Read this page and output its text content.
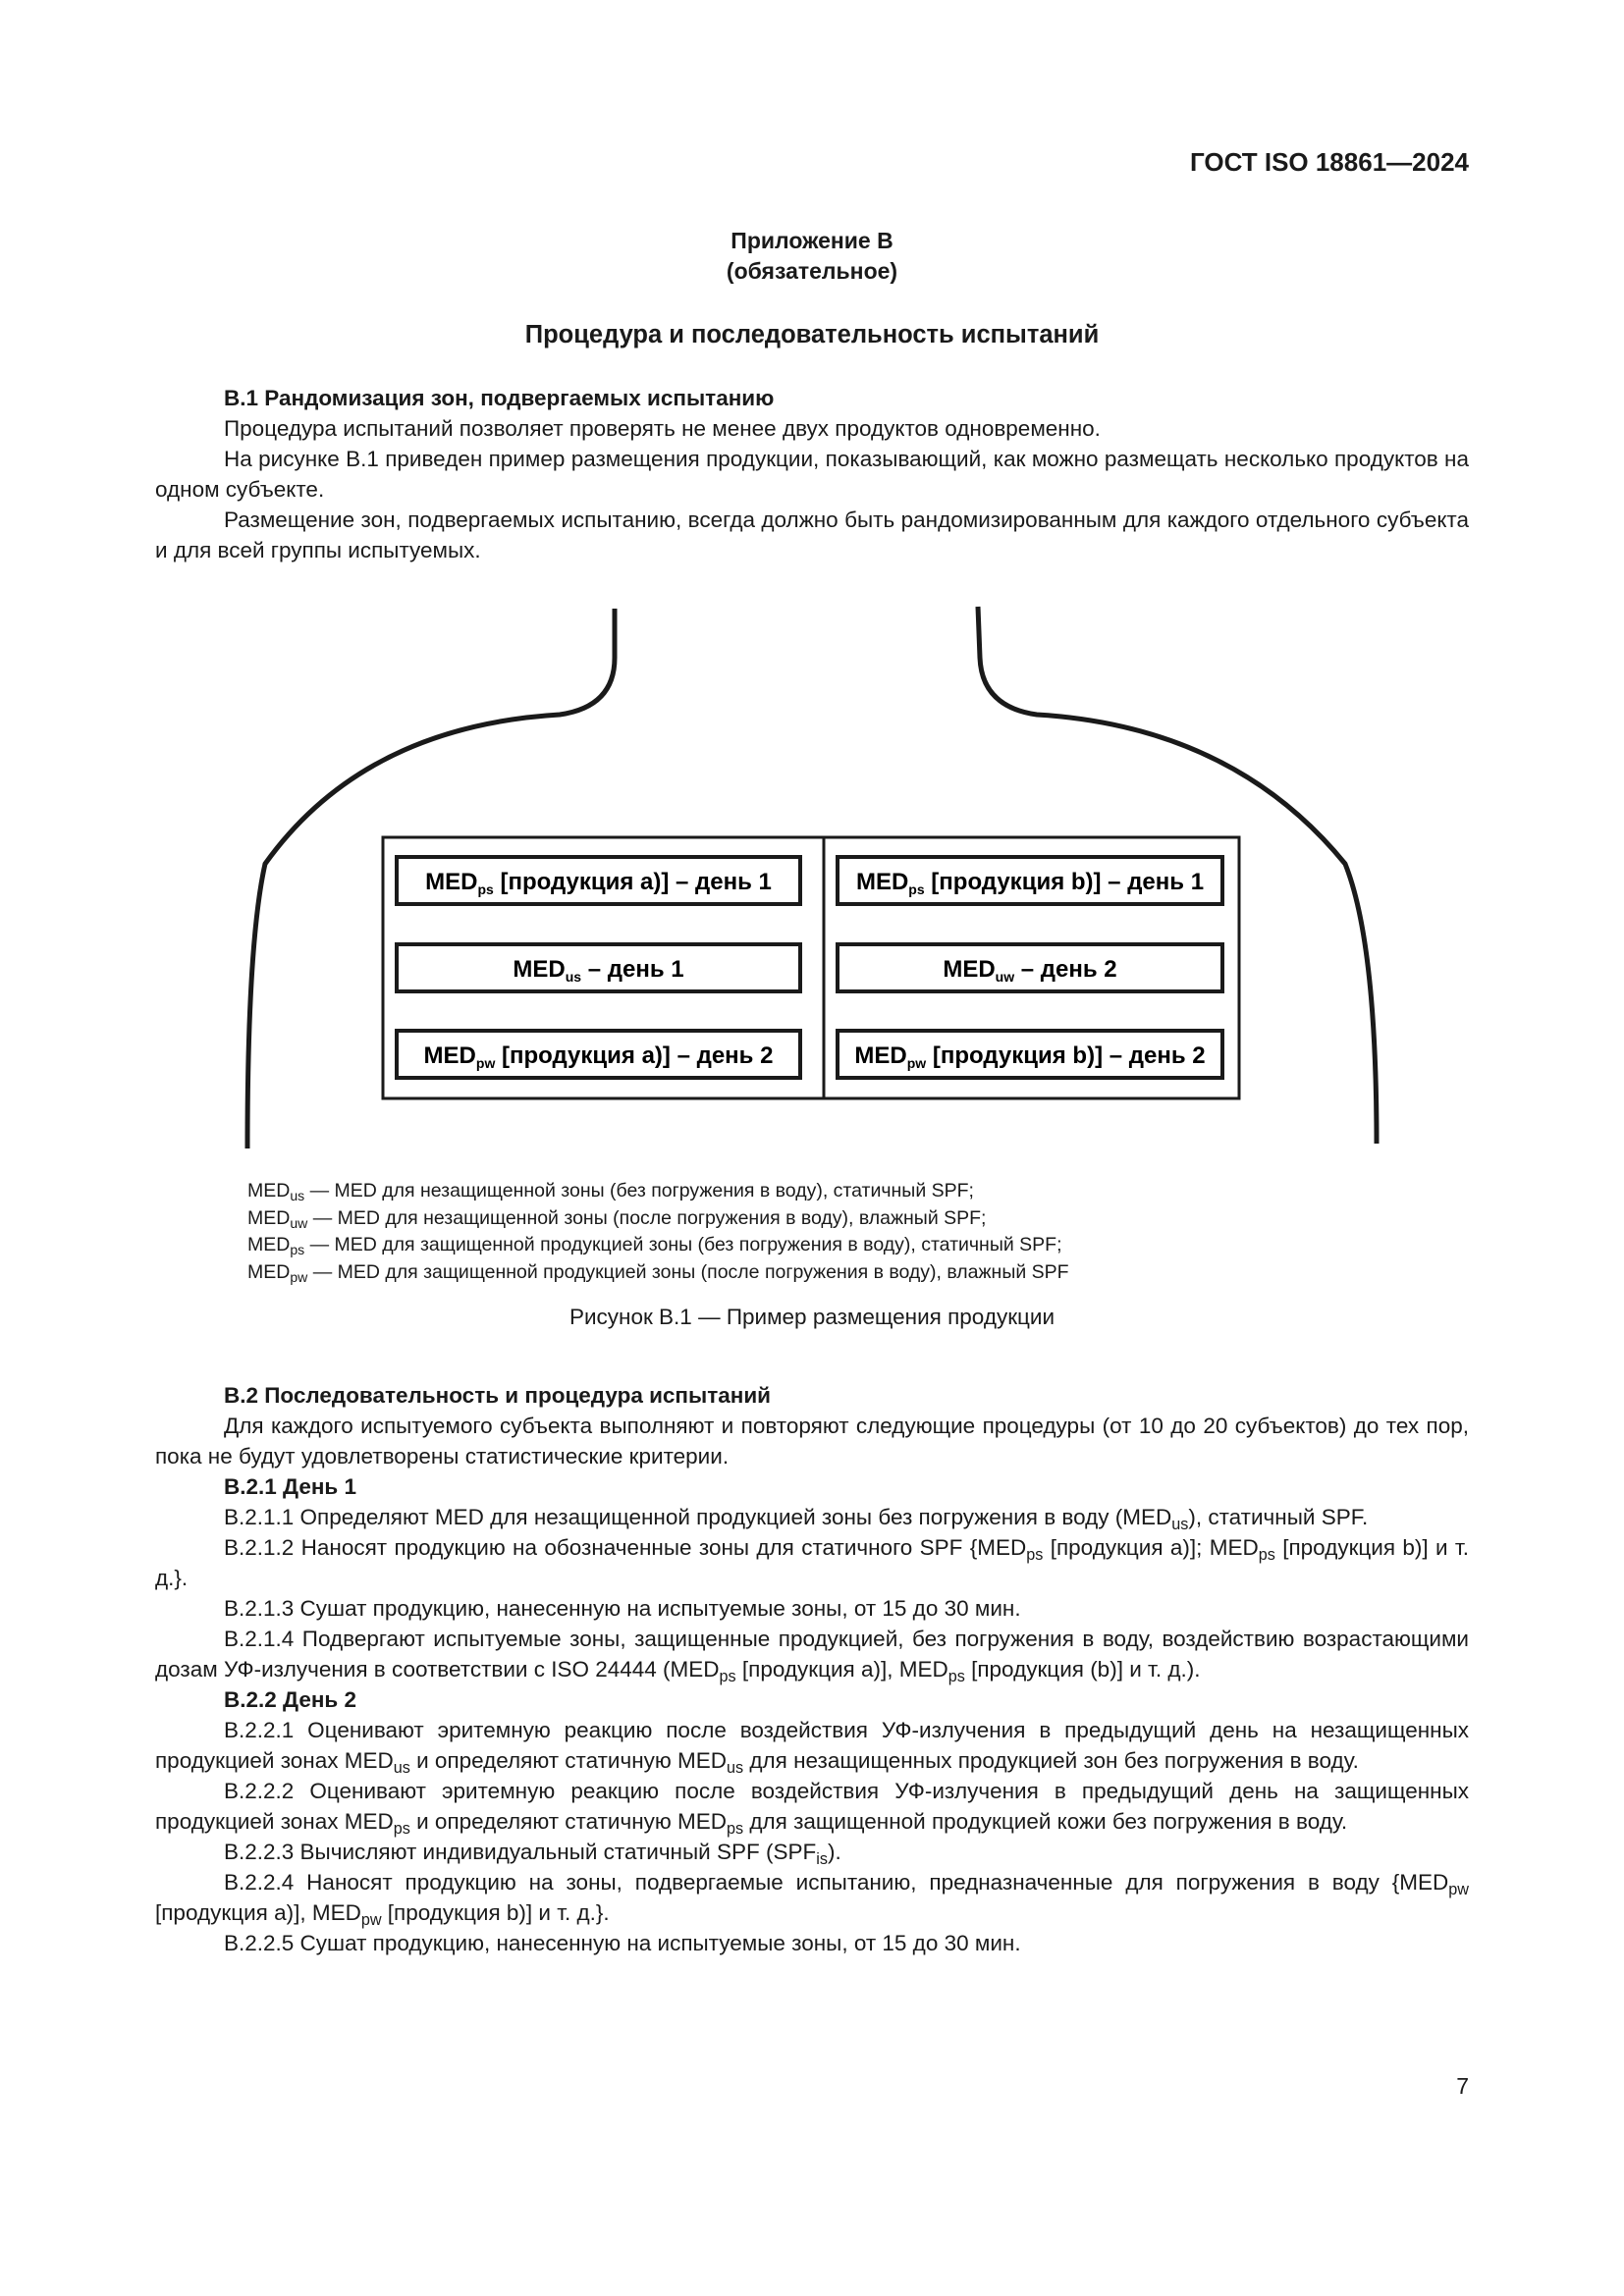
ГОСТ ISO 18861—2024
Приложение В
(обязательное)
Процедура и последовательность испытаний

В.1 Рандомизация зон, подвергаемых испытанию

Процедура испытаний позволяет проверять не менее двух продуктов одновременно.

На рисунке В.1 приведен пример размещения продукции, показывающий, как можно размещать несколько продуктов на одном субъекте.

Размещение зон, подвергаемых испытанию, всегда должно быть рандомизированным для каждого отдельного субъекта и для всей группы испытуемых.

$MED_{ps}$ [продукция a)] – день 1
$MED_{us}$ – день 1
$MED_{pw}$ [продукция a)] – день 2
$MED_{ps}$ [продукция b)] – день 1
$MED_{uw}$ – день 2
$MED_{pw}$ [продукция b)] – день 2
$MED_{us}$ — MED для незащищенной зоны (без погружения в воду), статичный SPF;
$MED_{uw}$ — MED для незащищенной зоны (после погружения в воду), влажный SPF;
$MED_{ps}$ — MED для защищенной продукцией зоны (без погружения в воду), статичный SPF;
$MED_{pw}$ — MED для защищенной продукцией зоны (после погружения в воду), влажный SPF
Рисунок В.1 — Пример размещения продукции

В.2 Последовательность и процедура испытаний

Для каждого испытуемого субъекта выполняют и повторяют следующие процедуры (от 10 до 20 субъектов) до тех пор, пока не будут удовлетворены статистические критерии.

В.2.1 День 1

В.2.1.1 Определяют MED для незащищенной продукцией зоны без погружения в воду $(MED_{us})$, статичный SPF.

В.2.1.2 Наносят продукцию на обозначенные зоны для статичного SPF {$MED_{ps}$ [продукция а)]; $MED_{ps}$ [продукция b)] и т. д.}.

В.2.1.3 Сушат продукцию, нанесенную на испытуемые зоны, от 15 до 30 мин.

В.2.1.4 Подвергают испытуемые зоны, защищенные продукцией, без погружения в воду, воздействию возрастающими дозам УФ-излучения в соответствии с ISO 24444 ($MED_{ps}$ [продукция а)], $MED_{ps}$ [продукция (b)] и т. д.).

В.2.2 День 2

В.2.2.1 Оценивают эритемную реакцию после воздействия УФ-излучения в предыдущий день на незащищенных продукцией зонах $MED_{us}$ и определяют статичную $MED_{us}$ для незащищенных продукцией зон без погружения в воду.

В.2.2.2 Оценивают эритемную реакцию после воздействия УФ-излучения в предыдущий день на защищенных продукцией зонах $MED_{ps}$ и определяют статичную $MED_{ps}$ для защищенной продукцией кожи без погружения в воду.

В.2.2.3 Вычисляют индивидуальный статичный SPF $(SPF_{is})$.

В.2.2.4 Наносят продукцию на зоны, подвергаемые испытанию, предназначенные для погружения в воду {$MED_{pw}$ [продукция а)], $MED_{pw}$ [продукция b)] и т. д.}.

В.2.2.5 Сушат продукцию, нанесенную на испытуемые зоны, от 15 до 30 мин.

7
